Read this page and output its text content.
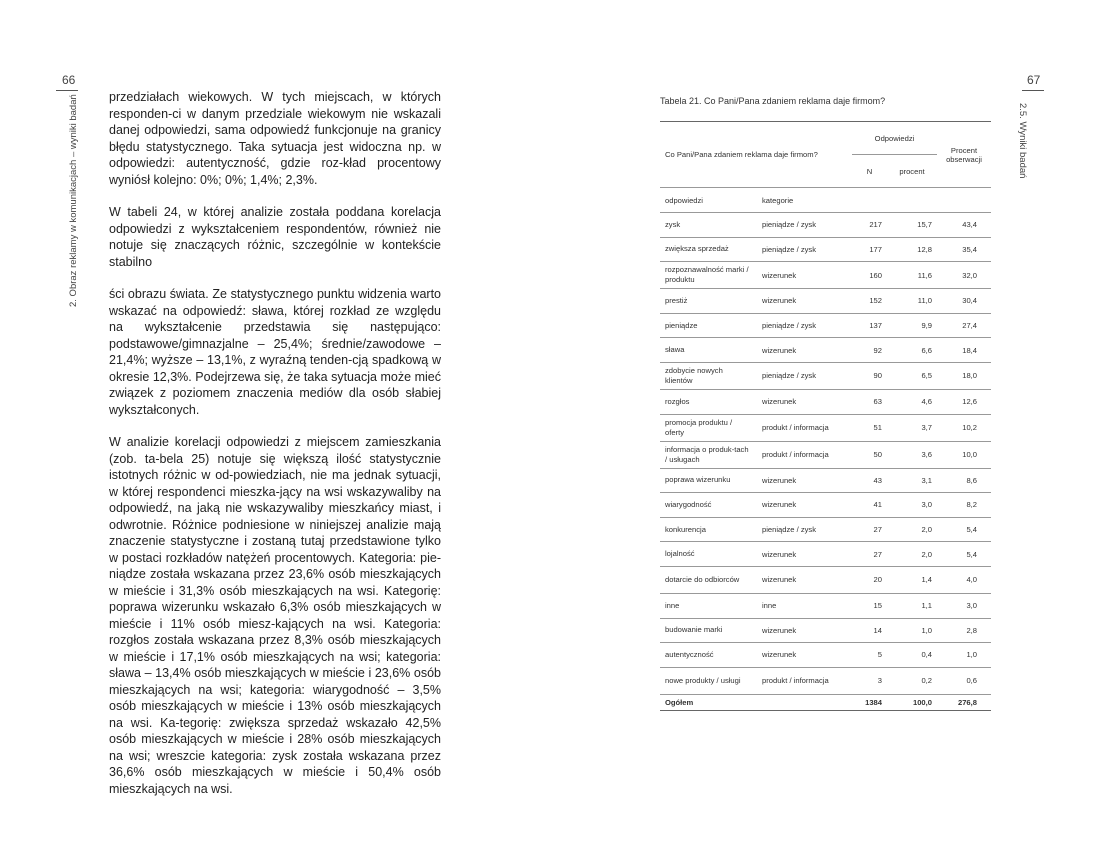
66
2. Obraz reklamy w komunikacjach – wyniki badań przedziałach wiekowych. W tych miejscach, w których responden-ci w danym przedziale wiekowym nie wskazali danej odpowiedzi, sama odpowiedź funkcjonuje na granicy błędu statystycznego. Taka sytuacja jest widoczna np. w odpowiedzi: autentyczność, gdzie roz-kład procentowy wyniósł kolejno: 0%; 0%; 1,4%; 2,3%.

W tabeli 24, w której analizie została poddana korelacja odpowiedzi z wykształceniem respondentów, również nie notuje się znaczących różnic, szczególnie w kontekście stabilno

ści obrazu świata. Ze statystycznego punktu widzenia warto wskazać na odpowiedź: sława, której rozkład ze względu na wykształcenie przedstawia się następująco: podstawowe/gimnazjalne – 25,4%; średnie/zawodowe – 21,4%; wyższe – 13,1%, z wyraźną tenden-cją spadkową w okresie 12,3%. Podejrzewa się, że taka sytuacja może mieć związek z poziomem znaczenia mediów dla osób słabiej wykształconych.

W analizie korelacji odpowiedzi z miejscem zamieszkania (zob. ta-bela 25) notuje się większą ilość statystycznie istotnych różnic w od-powiedziach, nie ma jednak sytuacji, w której respondenci mieszka-jący na wsi wskazywaliby na odpowiedź, na jaką nie wskazywaliby mieszkańcy miast, i odwrotnie. Różnice podniesione w niniejszej analizie mają znaczenie statystyczne i zostaną tutaj przedstawione tylko w postaci rozkładów natężeń procentowych. Kategoria: pie-niądze została wskazana przez 23,6% osób mieszkających w mieście i 31,3% osób mieszkających na wsi. Kategorię: poprawa wizerunku wskazało 6,3% osób mieszkających w mieście i 11% osób miesz-kających na wsi. Kategoria: rozgłos została wskazana przez 8,3% osób mieszkających w mieście i 17,1% osób mieszkających na wsi; kategoria: sława – 13,4% osób mieszkających w mieście i 23,6% osób mieszkających na wsi; kategoria: wiarygodność – 3,5% osób mieszkających w mieście i 13% osób mieszkających na wsi. Ka-tegorię: zwiększa sprzedaż wskazało 42,5% osób mieszkających w mieście i 28% osób mieszkających na wsi; wreszcie kategoria: zysk została wskazana przez 36,6% osób mieszkających w mieście i 50,4% osób mieszkających na wsi.

67
2.5. Wyniki badań
Tabela 21. Co Pani/Pana zdaniem reklama daje firmom?
Co Pani/Pana zdaniem reklama daje firmom?		Odpowiedzi		Procent obserwacji
		N	procent	
odpowiedzi	kategorie			
zysk	pieniądze / zysk	217	15,7	43,4
zwiększa sprzedaż	pieniądze / zysk	177	12,8	35,4
rozpoznawalność marki / produktu	wizerunek	160	11,6	32,0
prestiż	wizerunek	152	11,0	30,4
pieniądze	pieniądze / zysk	137	9,9	27,4
sława	wizerunek	92	6,6	18,4
zdobycie nowych klientów	pieniądze / zysk	90	6,5	18,0
rozgłos	wizerunek	63	4,6	12,6
promocja produktu / oferty	produkt / informacja	51	3,7	10,2
informacja o produk-tach / usługach	produkt / informacja	50	3,6	10,0
poprawa wizerunku	wizerunek	43	3,1	8,6
wiarygodność	wizerunek	41	3,0	8,2
konkurencja	pieniądze / zysk	27	2,0	5,4
lojalność	wizerunek	27	2,0	5,4
dotarcie do odbiorców	wizerunek	20	1,4	4,0
inne	inne	15	1,1	3,0
budowanie marki	wizerunek	14	1,0	2,8
autentyczność	wizerunek	5	0,4	1,0
nowe produkty / usługi	produkt / informacja	3	0,2	0,6
Ogółem		1384	100,0	276,8
